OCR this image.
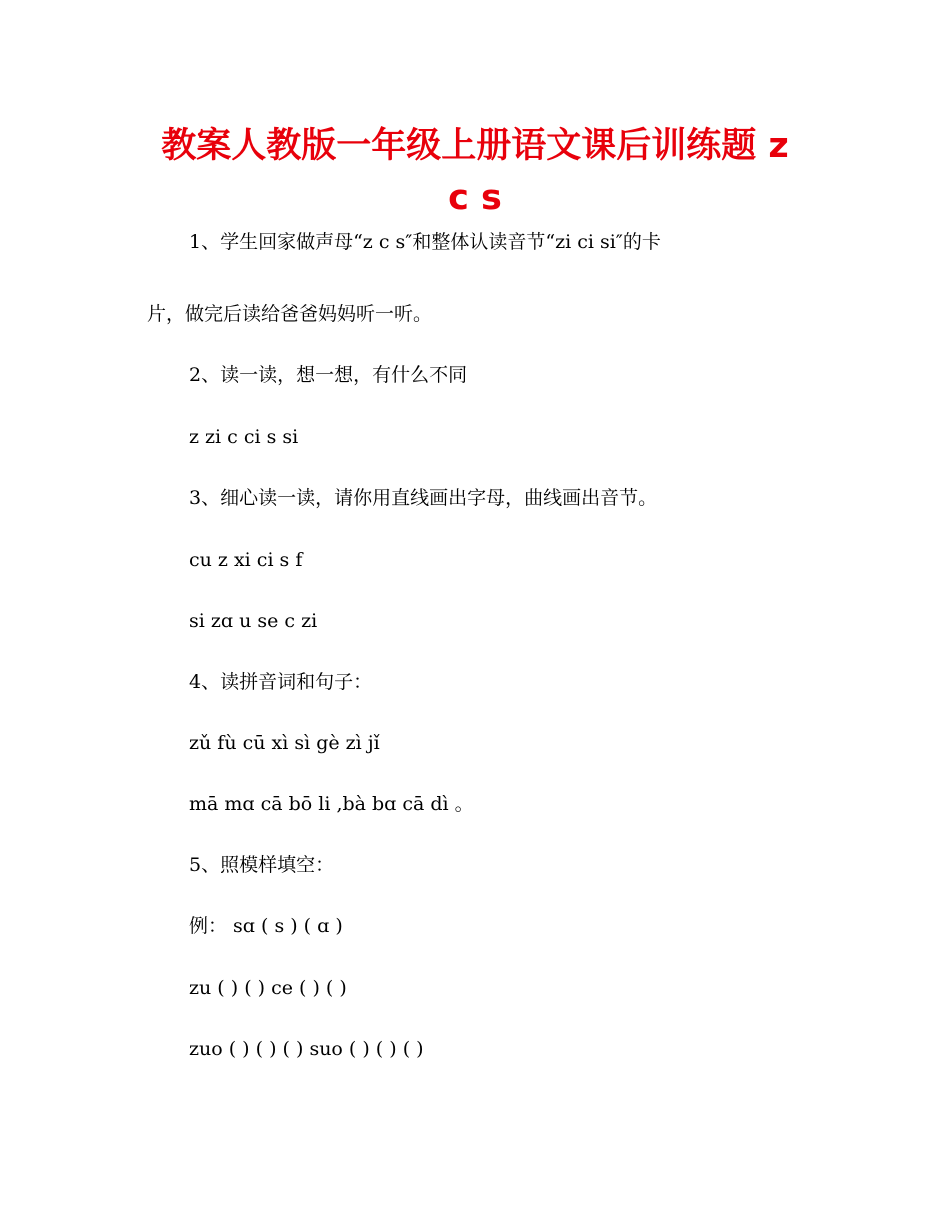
教案人教版一年级上册语文课后训练题 z
c s
1、学生回家做声母“z c s″和整体认读音节“zi ci si″的卡
片，做完后读给爸爸妈妈听一听。
2、读一读，想一想，有什么不同
z zi c ci s si
3、细心读一读，请你用直线画出字母，曲线画出音节。
cu z xi ci s f
si zɑ u se c zi
4、读拼音词和句子：
zǔ fù cū xì sì gè zì jǐ
mā mɑ cā bō li ,bà bɑ cā dì 。
5、照模样填空：
例： sɑ ( s ) ( ɑ )
zu ( ) ( ) ce ( ) ( )
zuo ( ) ( ) ( ) suo ( ) ( ) ( )
